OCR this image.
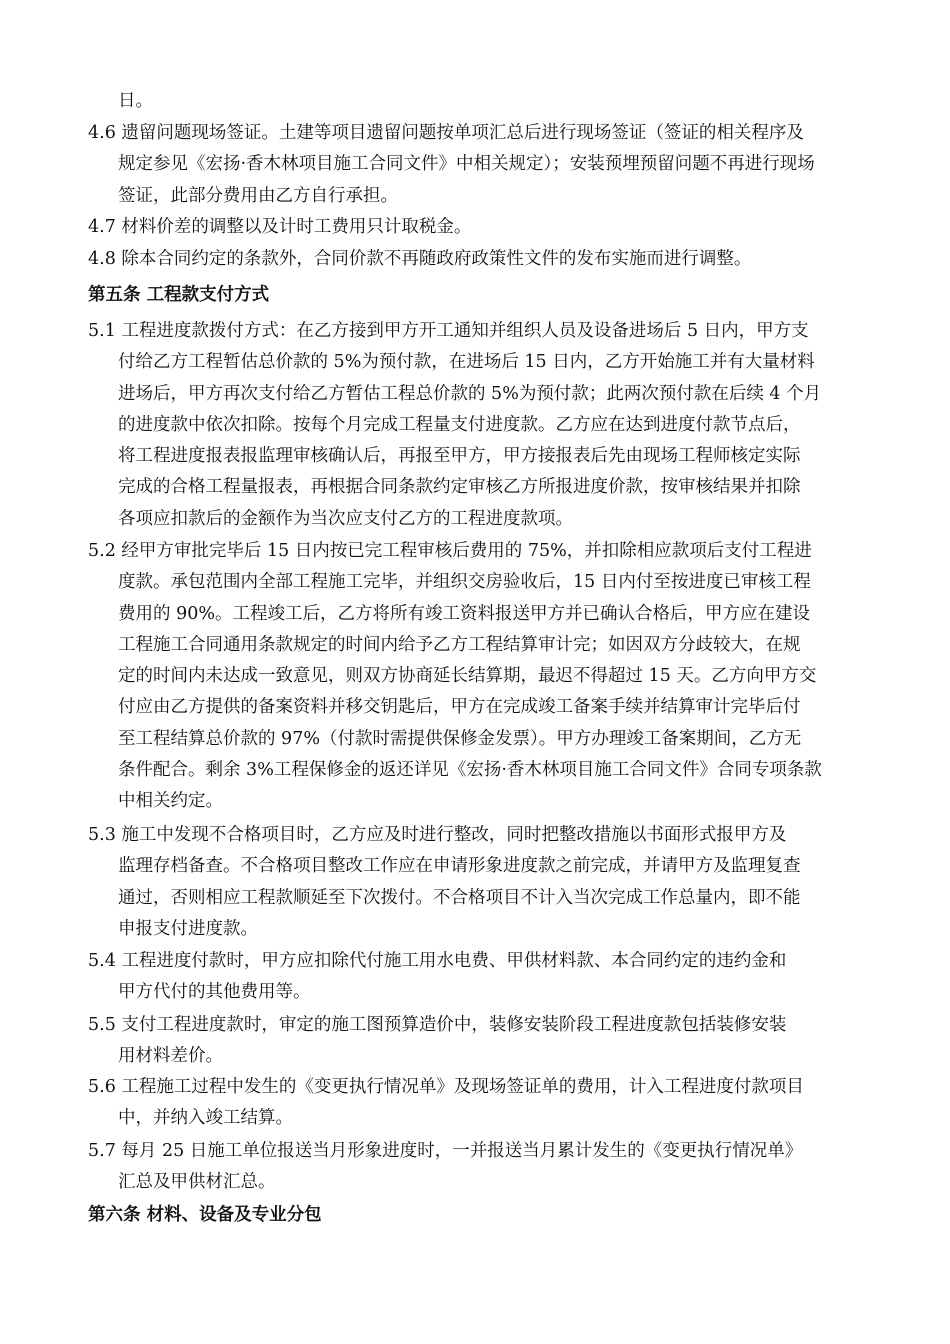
日。
4.6 遗留问题现场签证。土建等项目遗留问题按单项汇总后进行现场签证（签证的相关程序及
规定参见《宏扬·香木林项目施工合同文件》中相关规定）；安装预埋预留问题不再进行现场
签证，此部分费用由乙方自行承担。
4.7 材料价差的调整以及计时工费用只计取税金。
4.8 除本合同约定的条款外，合同价款不再随政府政策性文件的发布实施而进行调整。
第五条 工程款支付方式
5.1 工程进度款拨付方式：在乙方接到甲方开工通知并组织人员及设备进场后 5 日内，甲方支
付给乙方工程暂估总价款的 5%为预付款，在进场后 15 日内，乙方开始施工并有大量材料
进场后，甲方再次支付给乙方暂估工程总价款的 5%为预付款；此两次预付款在后续 4 个月
的进度款中依次扣除。按每个月完成工程量支付进度款。乙方应在达到进度付款节点后，
将工程进度报表报监理审核确认后，再报至甲方，甲方接报表后先由现场工程师核定实际
完成的合格工程量报表，再根据合同条款约定审核乙方所报进度价款，按审核结果并扣除
各项应扣款后的金额作为当次应支付乙方的工程进度款项。
5.2 经甲方审批完毕后 15 日内按已完工程审核后费用的 75%，并扣除相应款项后支付工程进
度款。承包范围内全部工程施工完毕，并组织交房验收后，15 日内付至按进度已审核工程
费用的 90%。工程竣工后，乙方将所有竣工资料报送甲方并已确认合格后，甲方应在建设
工程施工合同通用条款规定的时间内给予乙方工程结算审计完；如因双方分歧较大，在规
定的时间内未达成一致意见，则双方协商延长结算期，最迟不得超过 15 天。乙方向甲方交
付应由乙方提供的备案资料并移交钥匙后，甲方在完成竣工备案手续并结算审计完毕后付
至工程结算总价款的 97%（付款时需提供保修金发票）。甲方办理竣工备案期间，乙方无
条件配合。剩余 3%工程保修金的返还详见《宏扬·香木林项目施工合同文件》合同专项条款
中相关约定。
5.3 施工中发现不合格项目时，乙方应及时进行整改，同时把整改措施以书面形式报甲方及
监理存档备查。不合格项目整改工作应在申请形象进度款之前完成，并请甲方及监理复查
通过，否则相应工程款顺延至下次拨付。不合格项目不计入当次完成工作总量内，即不能
申报支付进度款。
5.4 工程进度付款时，甲方应扣除代付施工用水电费、甲供材料款、本合同约定的违约金和
甲方代付的其他费用等。
5.5 支付工程进度款时，审定的施工图预算造价中，装修安装阶段工程进度款包括装修安装
用材料差价。
5.6 工程施工过程中发生的《变更执行情况单》及现场签证单的费用，计入工程进度付款项目
中，并纳入竣工结算。
5.7 每月 25 日施工单位报送当月形象进度时，一并报送当月累计发生的《变更执行情况单》
汇总及甲供材汇总。
第六条 材料、设备及专业分包
